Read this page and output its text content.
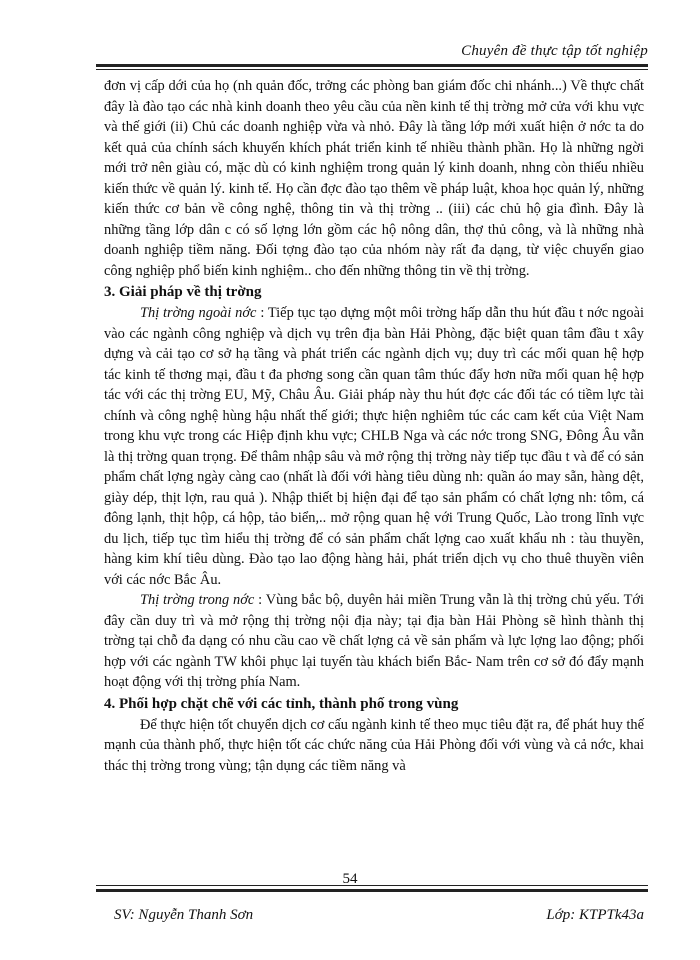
Chuyên đề thực tập tốt nghiệp

đơn vị cấp dới của họ (nh quản đốc, trởng các phòng ban giám đốc chi nhánh...) Về thực chất đây là đào tạo các nhà kinh doanh theo yêu cầu của nền kinh tế thị trờng mở cửa với khu vực và thế giới (ii) Chủ các doanh nghiệp vừa và nhỏ. Đây là tầng lớp mới xuất hiện ở nớc ta do kết quả của chính sách khuyến khích phát triển kinh tế nhiều thành phần. Họ là những ngời mới trở nên giàu có, mặc dù có kinh nghiệm trong quản lý kinh doanh, nhng còn thiếu nhiều kiến thức về quản lý. kinh tế. Họ cần đợc đào tạo thêm về pháp luật, khoa học quản lý, những kiến thức cơ bản về công nghệ, thông tin và thị trờng .. (iii) các chủ hộ gia đình. Đây là những tầng lớp dân c có số lợng lớn gồm các hộ nông dân, thợ thủ công, và là những nhà doanh nghiệp tiềm năng. Đối tợng đào tạo của nhóm này rất đa dạng, từ việc chuyển giao công nghiệp phổ biến kinh nghiệm.. cho đến những thông tin về thị trờng.

3. Giải pháp về thị trờng

Thị trờng ngoài nớc : Tiếp tục tạo dựng một môi trờng hấp dẫn thu hút đầu t nớc ngoài vào các ngành công nghiệp và dịch vụ trên địa bàn Hải Phòng, đặc biệt quan tâm đầu t xây dựng và cải tạo cơ sở hạ tầng và phát triển các ngành dịch vụ; duy trì các mối quan hệ hợp tác kinh tế thơng mại, đầu t đa phơng song cần quan tâm thúc đẩy hơn nữa mối quan hệ hợp tác với các thị trờng EU, Mỹ, Châu Âu. Giải pháp này thu hút đợc các đối tác có tiềm lực tài chính và công nghệ hùng hậu nhất thế giới; thực hiện nghiêm túc các cam kết của Việt Nam trong khu vực trong các Hiệp định khu vực; CHLB Nga và các nớc trong SNG, Đông Âu vẫn là thị trờng quan trọng. Để thâm nhập sâu và mở rộng thị trờng này tiếp tục đầu t và để có sản phẩm chất lợng ngày càng cao (nhất là đối với hàng tiêu dùng nh: quần áo may sẵn, hàng dệt, giày dép, thịt lợn, rau quả ). Nhập thiết bị hiện đại để tạo sản phẩm có chất lợng nh: tôm, cá đông lạnh, thịt hộp, cá hộp, tảo biển,.. mở rộng quan hệ với Trung Quốc, Lào trong lĩnh vực du lịch, tiếp tục tìm hiểu thị trờng để có sản phẩm chất lợng cao xuất khẩu nh : tàu thuyền, hàng kim khí tiêu dùng. Đào tạo lao động hàng hải, phát triển dịch vụ cho thuê thuyền viên với các nớc Bắc Âu.

Thị trờng trong nớc : Vùng bắc bộ, duyên hải miền Trung vẫn là thị trờng chủ yếu. Tới đây cần duy trì và mở rộng thị trờng nội địa này; tại địa bàn Hải Phòng sẽ hình thành thị trờng tại chỗ đa dạng có nhu cầu cao về chất lợng cả về sản phẩm và lực lợng lao động; phối hợp với các ngành TW khôi phục lại tuyến tàu khách biển Bắc- Nam trên cơ sở đó đẩy mạnh hoạt động với thị trờng phía Nam.

4. Phối hợp chặt chẽ với các tỉnh, thành phố trong vùng

Để thực hiện tốt chuyển dịch cơ cấu ngành kinh tế theo mục tiêu đặt ra, để phát huy thế mạnh của thành phố, thực hiện tốt các chức năng của Hải Phòng đối với vùng và cả nớc, khai thác thị trờng trong vùng; tận dụng các tiềm năng và

54
SV: Nguyễn Thanh Sơn	Lớp: KTPTk43a
